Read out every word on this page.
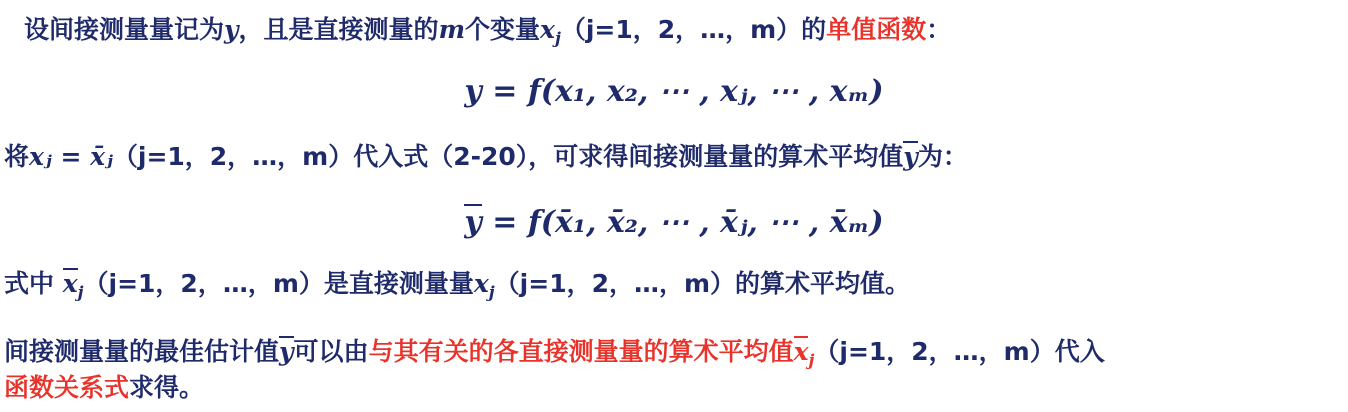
设间接测量量记为y，且是直接测量的m个变量$x_j(j=1$，2，…，m）的单值函数：
y = f(x₁, x₂, ⋯ , xⱼ, ⋯ , xₘ)
将xⱼ = x̄ⱼ（j=1，2，…，m）代入式（2-20），可求得间接测量量的算术平均值y为：
y = f(x̄₁, x̄₂, ⋯ , x̄ⱼ, ⋯ , x̄ₘ)
式中 $x_j(j=1$，2，…，m）是直接测量量$x_j(j=1$，2，…，m）的算术平均值。
间接测量量的最佳估计值y可以由与其有关的各直接测量量的算术平均值$x_j(j=1$，2，…，m）代入
函数关系式求得。
